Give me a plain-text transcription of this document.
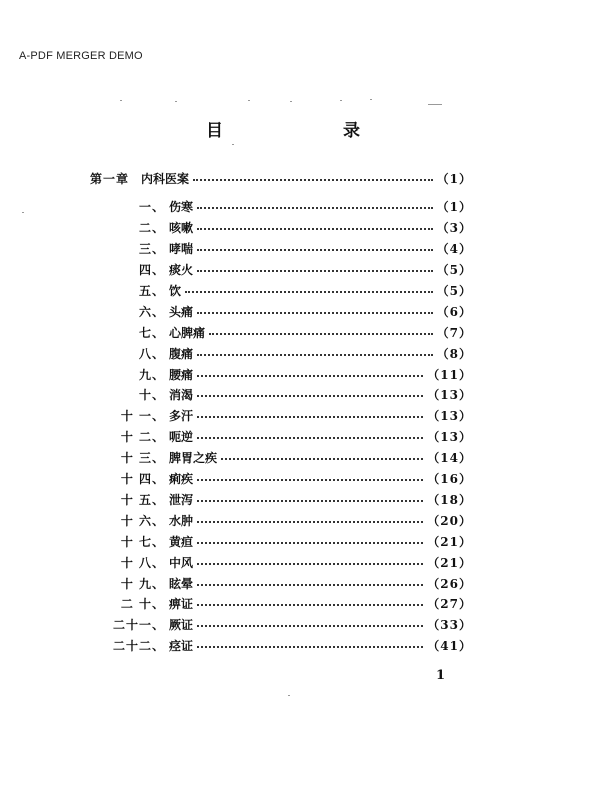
A-PDF MERGER DEMO
目	录
第一章 内科医案	（1）
一、 伤寒	（1）
二、 咳嗽	（3）
三、 哮喘	（4）
四、 痰火	（5）
五、 饮	（5）
六、 头痛	（6）
七、 心脾痛	（7）
八、 腹痛	（8）
九、 腰痛	（11）
十、 消渴	（13）
十 一、 多汗	（13）
十 二、 呃逆	（13）
十 三、 脾胃之疾	（14）
十 四、 痢疾	（16）
十 五、 泄泻	（18）
十 六、 水肿	（20）
十 七、 黄疸	（21）
十 八、 中风	（21）
十 九、 眩晕	（26）
二 十、 痹证	（27）
二十一、 厥证	（33）
二十二、 痉证	（41）
1
